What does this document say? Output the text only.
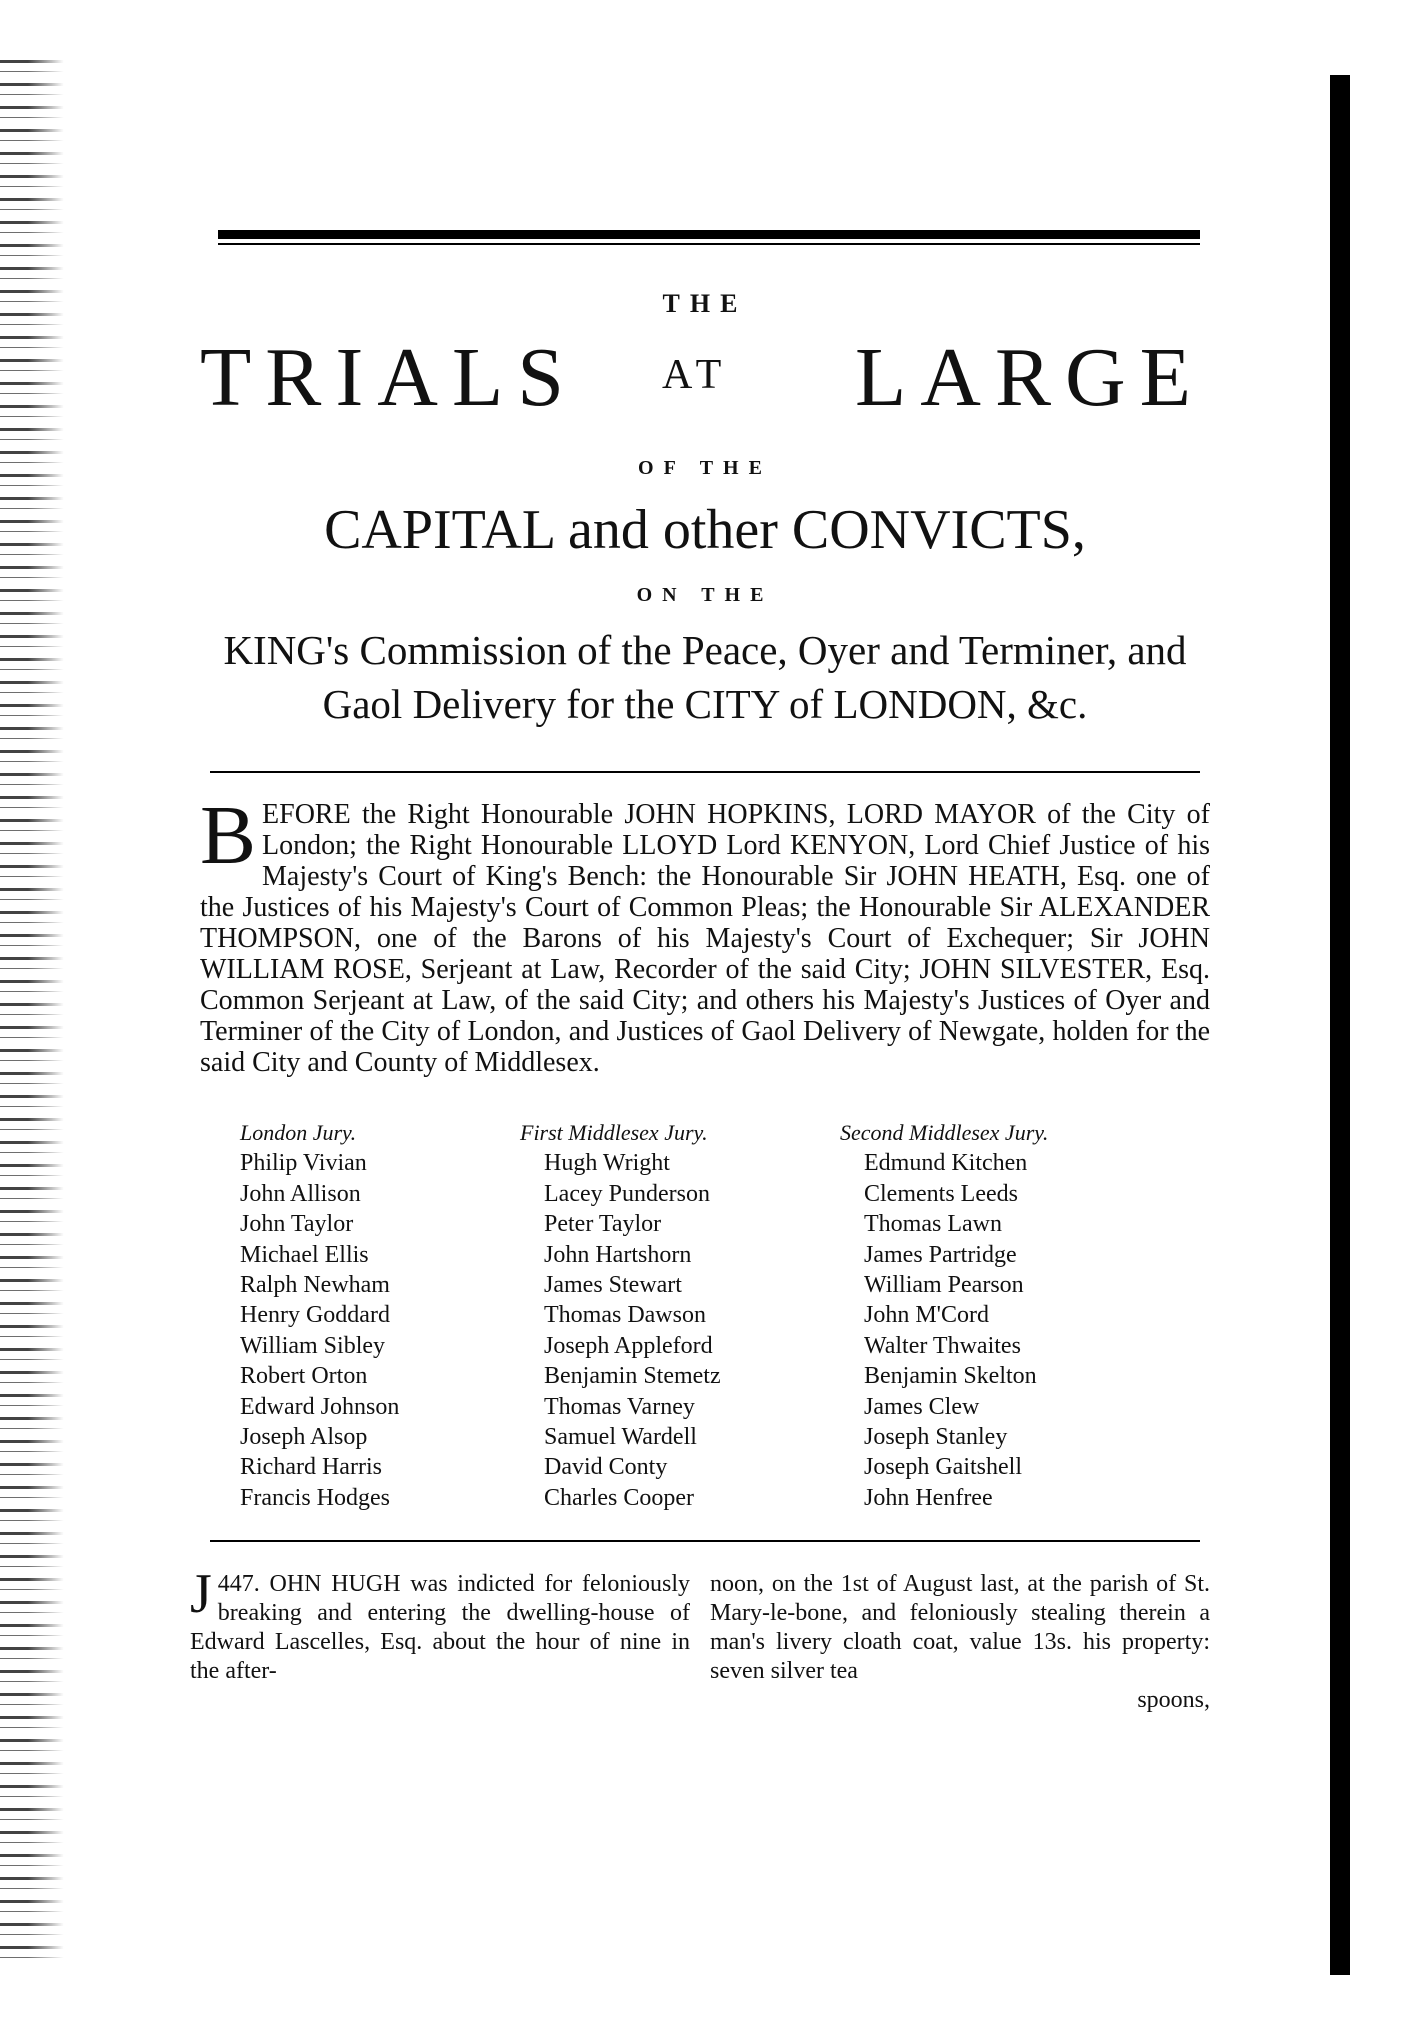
THE
TRIALS AT LARGE
OF THE
CAPITAL and other CONVICTS,
ON THE
KING's Commission of the Peace, Oyer and Terminer, and
Gaol Delivery for the CITY of LONDON, &c.
B EFORE the Right Honourable JOHN HOPKINS, LORD MAYOR of the City of London; the Right Honourable LLOYD Lord KENYON, Lord Chief Justice of his Majesty's Court of King's Bench: the Honourable Sir JOHN HEATH, Esq. one of the Justices of his Majesty's Court of Common Pleas; the Honourable Sir ALEXANDER THOMPSON, one of the Barons of his Majesty's Court of Exchequer; Sir JOHN WILLIAM ROSE, Serjeant at Law, Recorder of the said City; JOHN SILVESTER, Esq. Common Serjeant at Law, of the said City; and others his Majesty's Justices of Oyer and Terminer of the City of London, and Justices of Gaol Delivery of Newgate, holden for the said City and County of Middlesex.
London Jury.
Philip Vivian
John Allison
John Taylor
Michael Ellis
Ralph Newham
Henry Goddard
William Sibley
Robert Orton
Edward Johnson
Joseph Alsop
Richard Harris
Francis Hodges
First Middlesex Jury.
Hugh Wright
Lacey Punderson
Peter Taylor
John Hartshorn
James Stewart
Thomas Dawson
Joseph Appleford
Benjamin Stemetz
Thomas Varney
Samuel Wardell
David Conty
Charles Cooper
Second Middlesex Jury.
Edmund Kitchen
Clements Leeds
Thomas Lawn
James Partridge
William Pearson
John M'Cord
Walter Thwaites
Benjamin Skelton
James Clew
Joseph Stanley
Joseph Gaitshell
John Henfree
447.
J OHN HUGH was indicted for feloniously breaking and entering the dwelling-house of Edward Lascelles, Esq. about the hour of nine in the after-
noon, on the 1st of August last, at the parish of St. Mary-le-bone, and feloniously stealing therein a man's livery cloath coat, value 13s. his property: seven silver tea
spoons,
